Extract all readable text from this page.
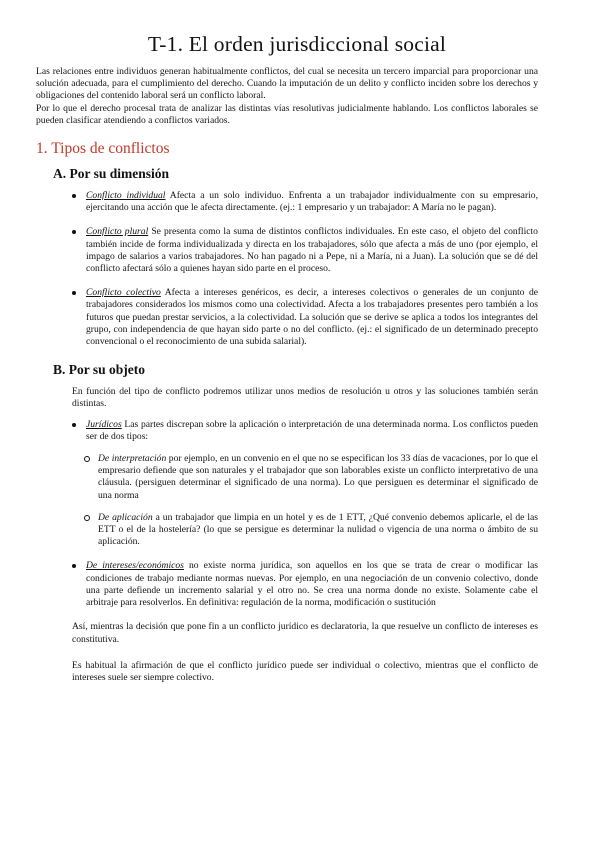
T-1. El orden jurisdiccional social

Las relaciones entre individuos generan habitualmente conflictos, del cual se necesita un tercero imparcial para proporcionar una solución adecuada, para el cumplimiento del derecho. Cuando la imputación de un delito y conflicto inciden sobre los derechos y obligaciones del contenido laboral será un conflicto laboral.

Por lo que el derecho procesal trata de analizar las distintas vías resolutivas judicialmente hablando. Los conflictos laborales se pueden clasificar atendiendo a conflictos variados.

1. Tipos de conflictos
A. Por su dimensión
Conflicto individual Afecta a un solo individuo. Enfrenta a un trabajador individualmente con su empresario, ejercitando una acción que le afecta directamente. (ej.: 1 empresario y un trabajador: A María no le pagan).
Conflicto plural Se presenta como la suma de distintos conflictos individuales. En este caso, el objeto del conflicto también incide de forma individualizada y directa en los trabajadores, sólo que afecta a más de uno (por ejemplo, el impago de salarios a varios trabajadores. No han pagado ni a Pepe, ni a María, ni a Juan). La solución que se dé del conflicto afectará sólo a quienes hayan sido parte en el proceso.
Conflicto colectivo Afecta a intereses genéricos, es decir, a intereses colectivos o generales de un conjunto de trabajadores considerados los mismos como una colectividad. Afecta a los trabajadores presentes pero también a los futuros que puedan prestar servicios, a la colectividad. La solución que se derive se aplica a todos los integrantes del grupo, con independencia de que hayan sido parte o no del conflicto. (ej.: el significado de un determinado precepto convencional o el reconocimiento de una subida salarial).
B. Por su objeto

En función del tipo de conflicto podremos utilizar unos medios de resolución u otros y las soluciones también serán distintas.

Jurídicos Las partes discrepan sobre la aplicación o interpretación de una determinada norma. Los conflictos pueden ser de dos tipos:
De interpretación por ejemplo, en un convenio en el que no se especifican los 33 días de vacaciones, por lo que el empresario defiende que son naturales y el trabajador que son laborables existe un conflicto interpretativo de una cláusula. (persiguen determinar el significado de una norma). Lo que persiguen es determinar el significado de una norma
De aplicación a un trabajador que limpia en un hotel y es de 1 ETT, ¿Qué convenio debemos aplicarle, el de las ETT o el de la hostelería? (lo que se persigue es determinar la nulidad o vigencia de una norma o ámbito de su aplicación.
De intereses/económicos no existe norma jurídica, son aquellos en los que se trata de crear o modificar las condiciones de trabajo mediante normas nuevas. Por ejemplo, en una negociación de un convenio colectivo, donde una parte defiende un incremento salarial y el otro no. Se crea una norma donde no existe. Solamente cabe el arbitraje para resolverlos. En definitiva: regulación de la norma, modificación o sustitución

Así, mientras la decisión que pone fin a un conflicto jurídico es declaratoria, la que resuelve un conflicto de intereses es constitutiva.

Es habitual la afirmación de que el conflicto jurídico puede ser individual o colectivo, mientras que el conflicto de intereses suele ser siempre colectivo.
